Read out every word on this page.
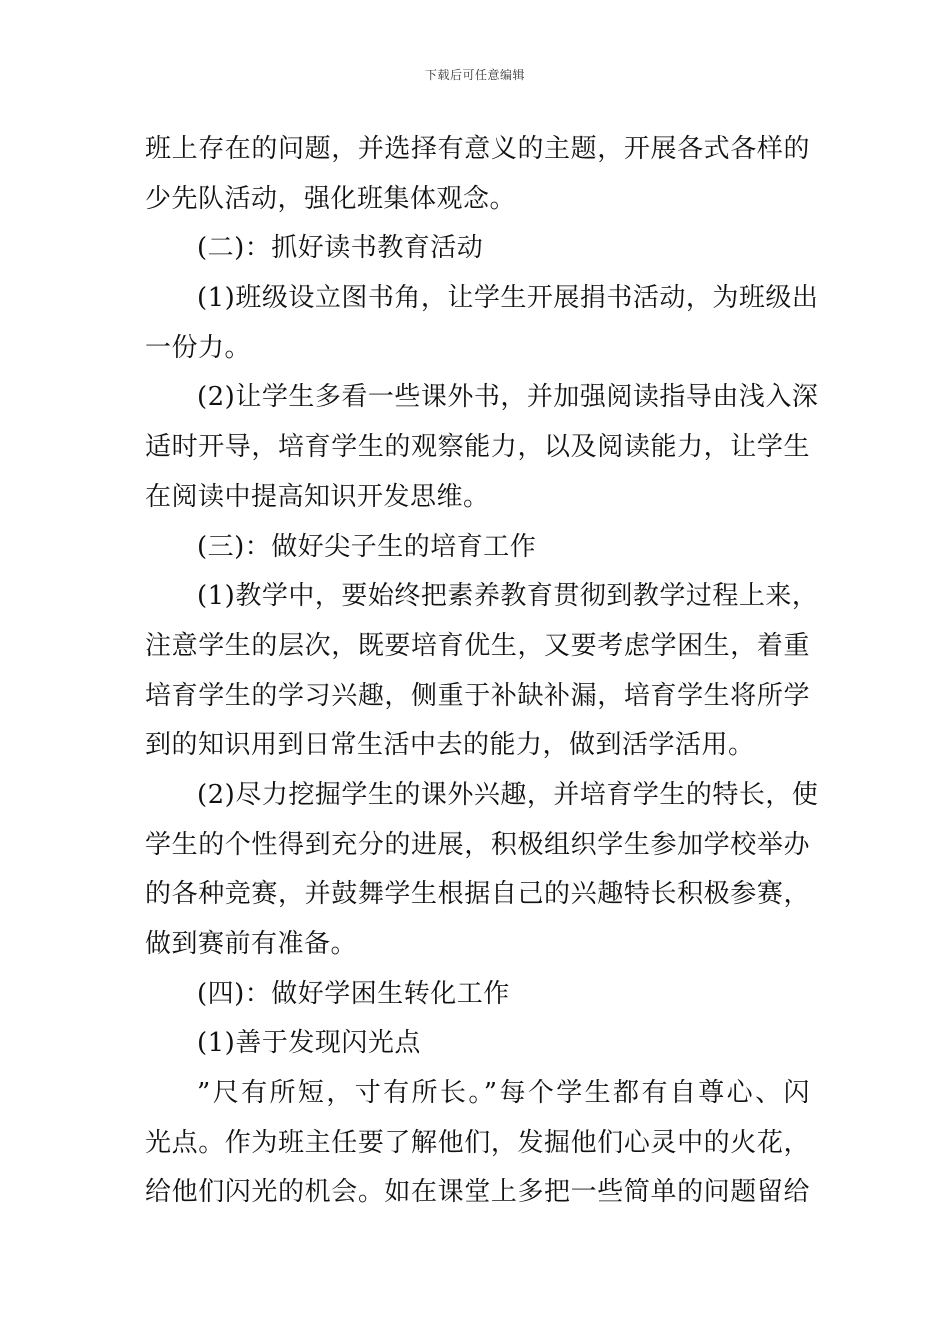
下载后可任意编辑
班上存在的问题，并选择有意义的主题，开展各式各样的
少先队活动，强化班集体观念。
(二)：抓好读书教育活动
(1)班级设立图书角，让学生开展捐书活动，为班级出
一份力。
(2)让学生多看一些课外书，并加强阅读指导由浅入深
适时开导，培育学生的观察能力，以及阅读能力，让学生
在阅读中提高知识开发思维。
(三)：做好尖子生的培育工作
(1)教学中，要始终把素养教育贯彻到教学过程上来，
注意学生的层次，既要培育优生，又要考虑学困生，着重
培育学生的学习兴趣，侧重于补缺补漏，培育学生将所学
到的知识用到日常生活中去的能力，做到活学活用。
(2)尽力挖掘学生的课外兴趣，并培育学生的特长，使
学生的个性得到充分的进展，积极组织学生参加学校举办
的各种竞赛，并鼓舞学生根据自己的兴趣特长积极参赛，
做到赛前有准备。
(四)：做好学困生转化工作
(1)善于发现闪光点
”尺有所短，寸有所长。”每个学生都有自尊心、闪
光点。作为班主任要了解他们，发掘他们心灵中的火花，
给他们闪光的机会。如在课堂上多把一些简单的问题留给
